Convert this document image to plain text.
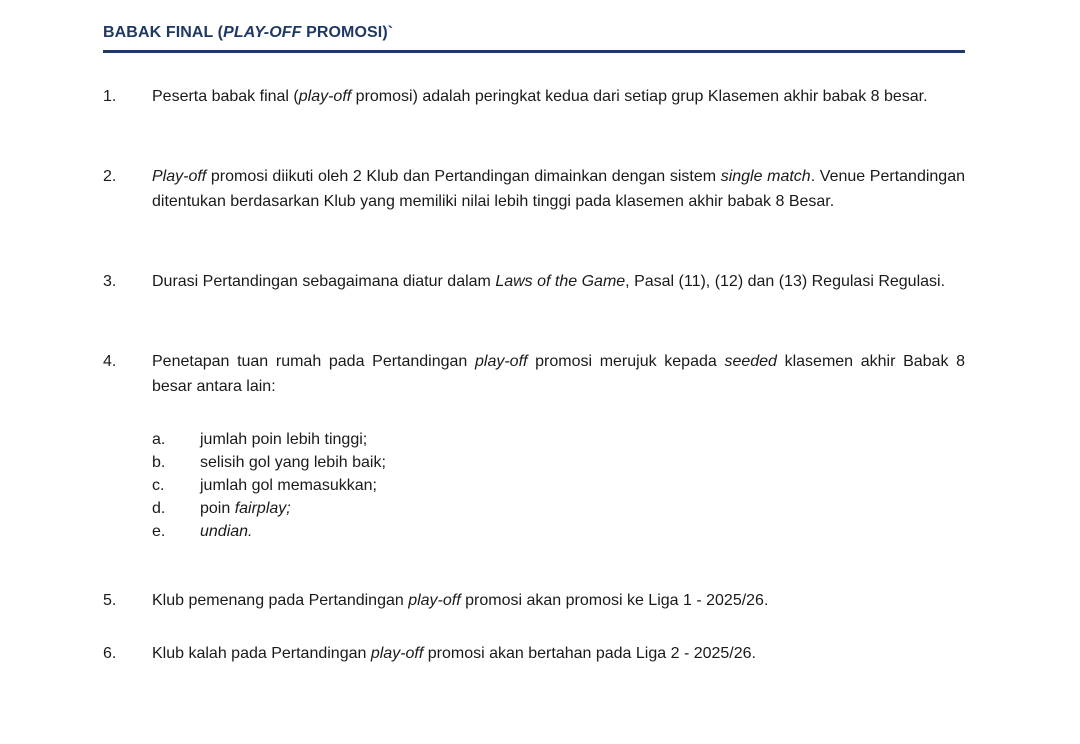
BABAK FINAL (PLAY-OFF PROMOSI)`
1.	Peserta babak final (play-off promosi) adalah peringkat kedua dari setiap grup Klasemen akhir babak 8 besar.
2.	Play-off promosi diikuti oleh 2 Klub dan Pertandingan dimainkan dengan sistem single match. Venue Pertandingan ditentukan berdasarkan Klub yang memiliki nilai lebih tinggi pada klasemen akhir babak 8 Besar.
3.	Durasi Pertandingan sebagaimana diatur dalam Laws of the Game, Pasal (11), (12) dan (13) Regulasi Regulasi.
4.	Penetapan tuan rumah pada Pertandingan play-off promosi merujuk kepada seeded klasemen akhir Babak 8 besar antara lain:
a.	jumlah poin lebih tinggi;
b.	selisih gol yang lebih baik;
c.	jumlah gol memasukkan;
d.	poin fairplay;
e.	undian.
5.	Klub pemenang pada Pertandingan play-off promosi akan promosi ke Liga 1 - 2025/26.
6.	Klub kalah pada Pertandingan play-off promosi akan bertahan pada Liga 2 - 2025/26.
